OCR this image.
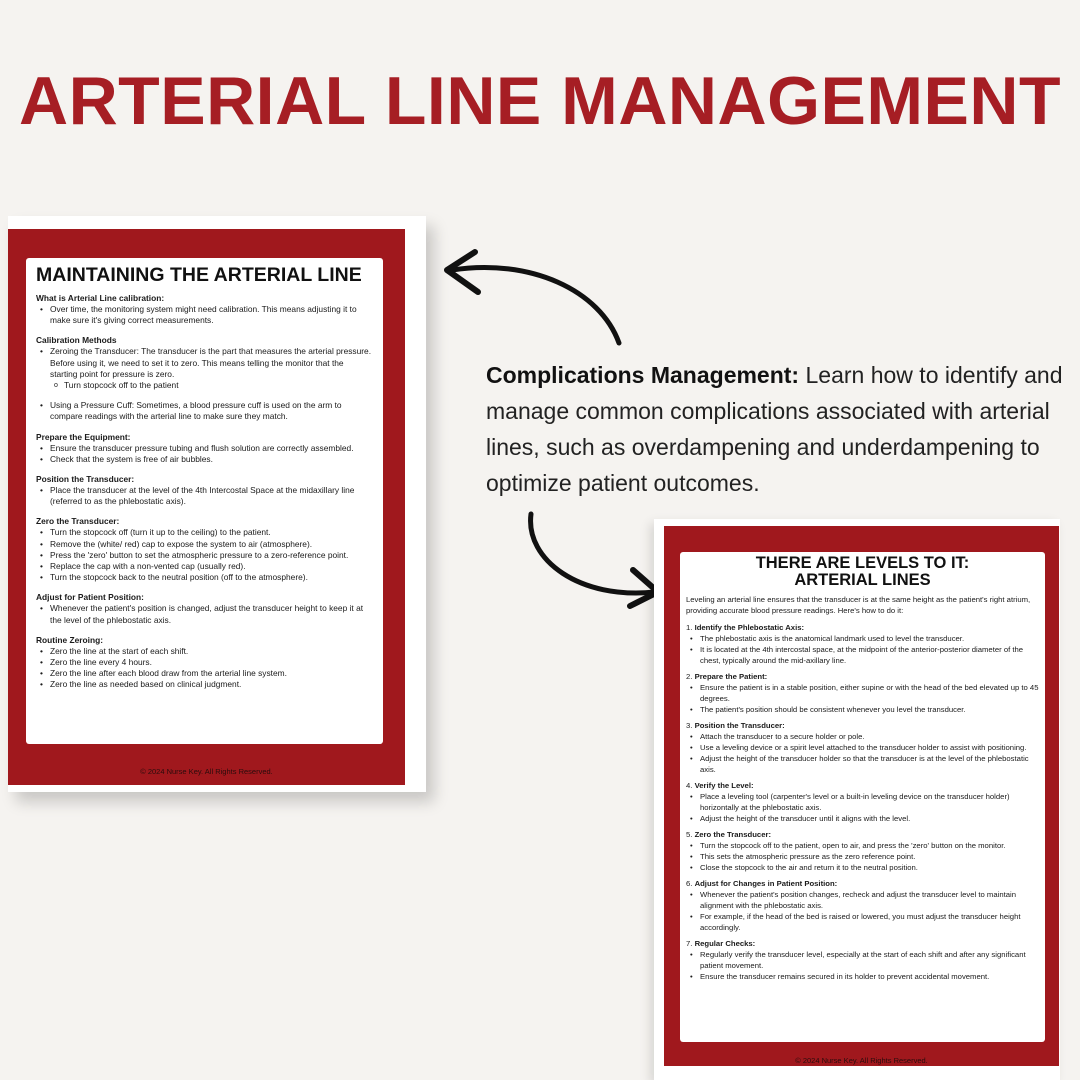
ARTERIAL LINE MANAGEMENT
MAINTAINING THE ARTERIAL LINE
What is Arterial Line calibration:
• Over time, the monitoring system might need calibration. This means adjusting it to make sure it's giving correct measurements.
Calibration Methods
• Zeroing the Transducer: The transducer is the part that measures the arterial pressure. Before using it, we need to set it to zero. This means telling the monitor that the starting point for pressure is zero.
o Turn stopcock off to the patient
• Using a Pressure Cuff: Sometimes, a blood pressure cuff is used on the arm to compare readings with the arterial line to make sure they match.
Prepare the Equipment:
• Ensure the transducer pressure tubing and flush solution are correctly assembled.
• Check that the system is free of air bubbles.
Position the Transducer:
• Place the transducer at the level of the 4th Intercostal Space at the midaxillary line (referred to as the phlebostatic axis).
Zero the Transducer:
• Turn the stopcock off (turn it up to the ceiling) to the patient.
• Remove the (white/ red) cap to expose the system to air (atmosphere).
• Press the 'zero' button to set the atmospheric pressure to a zero-reference point.
• Replace the cap with a non-vented cap (usually red).
• Turn the stopcock back to the neutral position (off to the atmosphere).
Adjust for Patient Position:
• Whenever the patient's position is changed, adjust the transducer height to keep it at the level of the phlebostatic axis.
Routine Zeroing:
• Zero the line at the start of each shift.
• Zero the line every 4 hours.
• Zero the line after each blood draw from the arterial line system.
• Zero the line as needed based on clinical judgment.
© 2024 Nurse Key. All Rights Reserved.
Complications Management: Learn how to identify and manage common complications associated with arterial lines, such as overdampening and underdampening to optimize patient outcomes.
THERE ARE LEVELS TO IT:
ARTERIAL LINES
Leveling an arterial line ensures that the transducer is at the same height as the patient's right atrium, providing accurate blood pressure readings. Here's how to do it:
1. Identify the Phlebostatic Axis:
• The phlebostatic axis is the anatomical landmark used to level the transducer.
• It is located at the 4th intercostal space, at the midpoint of the anterior-posterior diameter of the chest, typically around the mid-axillary line.
2. Prepare the Patient:
• Ensure the patient is in a stable position, either supine or with the head of the bed elevated up to 45 degrees.
• The patient's position should be consistent whenever you level the transducer.
3. Position the Transducer:
• Attach the transducer to a secure holder or pole.
• Use a leveling device or a spirit level attached to the transducer holder to assist with positioning.
• Adjust the height of the transducer holder so that the transducer is at the level of the phlebostatic axis.
4. Verify the Level:
• Place a leveling tool (carpenter's level or a built-in leveling device on the transducer holder) horizontally at the phlebostatic axis.
• Adjust the height of the transducer until it aligns with the level.
5. Zero the Transducer:
• Turn the stopcock off to the patient, open to air, and press the 'zero' button on the monitor.
• This sets the atmospheric pressure as the zero reference point.
• Close the stopcock to the air and return it to the neutral position.
6. Adjust for Changes in Patient Position:
• Whenever the patient's position changes, recheck and adjust the transducer level to maintain alignment with the phlebostatic axis.
• For example, if the head of the bed is raised or lowered, you must adjust the transducer height accordingly.
7. Regular Checks:
• Regularly verify the transducer level, especially at the start of each shift and after any significant patient movement.
• Ensure the transducer remains secured in its holder to prevent accidental movement.
© 2024 Nurse Key. All Rights Reserved.
